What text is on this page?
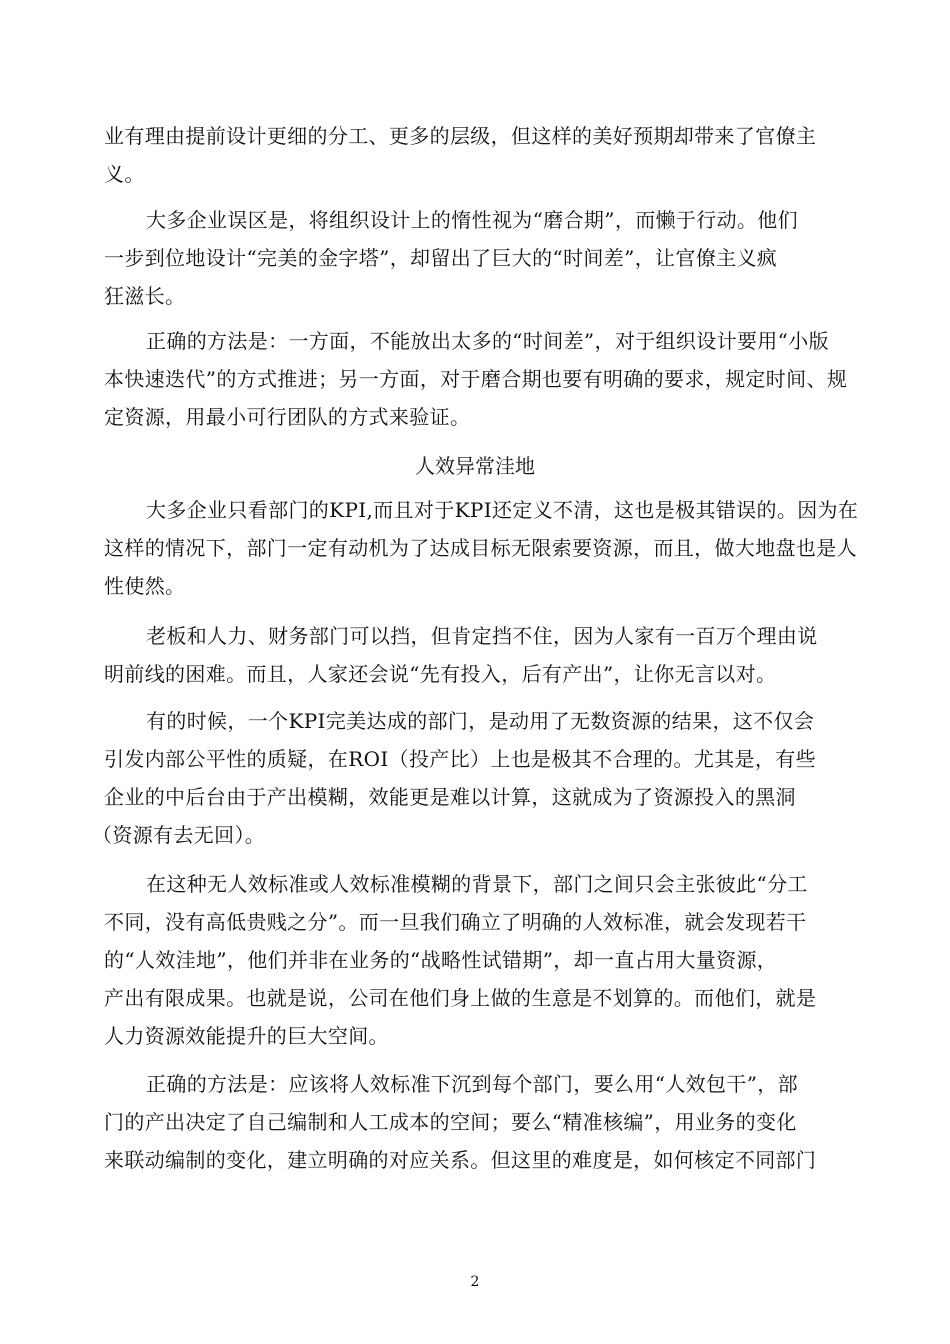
业有理由提前设计更细的分工、更多的层级，但这样的美好预期却带来了官僚主
义。
大多企业误区是，将组织设计上的惰性视为“磨合期”，而懒于行动。他们
一步到位地设计“完美的金字塔”，却留出了巨大的“时间差”，让官僚主义疯
狂滋长。
正确的方法是：一方面，不能放出太多的“时间差”，对于组织设计要用“小版
本快速迭代”的方式推进；另一方面，对于磨合期也要有明确的要求，规定时间、规
定资源，用最小可行团队的方式来验证。
人效异常洼地
大多企业只看部门的KPI,而且对于KPI还定义不清，这也是极其错误的。因为在
这样的情况下，部门一定有动机为了达成目标无限索要资源，而且，做大地盘也是人
性使然。
老板和人力、财务部门可以挡，但肯定挡不住，因为人家有一百万个理由说
明前线的困难。而且，人家还会说“先有投入，后有产出”，让你无言以对。
有的时候，一个KPI完美达成的部门，是动用了无数资源的结果，这不仅会
引发内部公平性的质疑，在ROI（投产比）上也是极其不合理的。尤其是，有些
企业的中后台由于产出模糊，效能更是难以计算，这就成为了资源投入的黑洞
（资源有去无回）。
在这种无人效标准或人效标准模糊的背景下，部门之间只会主张彼此“分工
不同，没有高低贵贱之分”。而一旦我们确立了明确的人效标准，就会发现若干
的“人效洼地”，他们并非在业务的“战略性试错期”，却一直占用大量资源，
产出有限成果。也就是说，公司在他们身上做的生意是不划算的。而他们，就是
人力资源效能提升的巨大空间。
正确的方法是：应该将人效标准下沉到每个部门，要么用“人效包干”，部
门的产出决定了自己编制和人工成本的空间；要么“精准核编”，用业务的变化
来联动编制的变化，建立明确的对应关系。但这里的难度是，如何核定不同部门
2
